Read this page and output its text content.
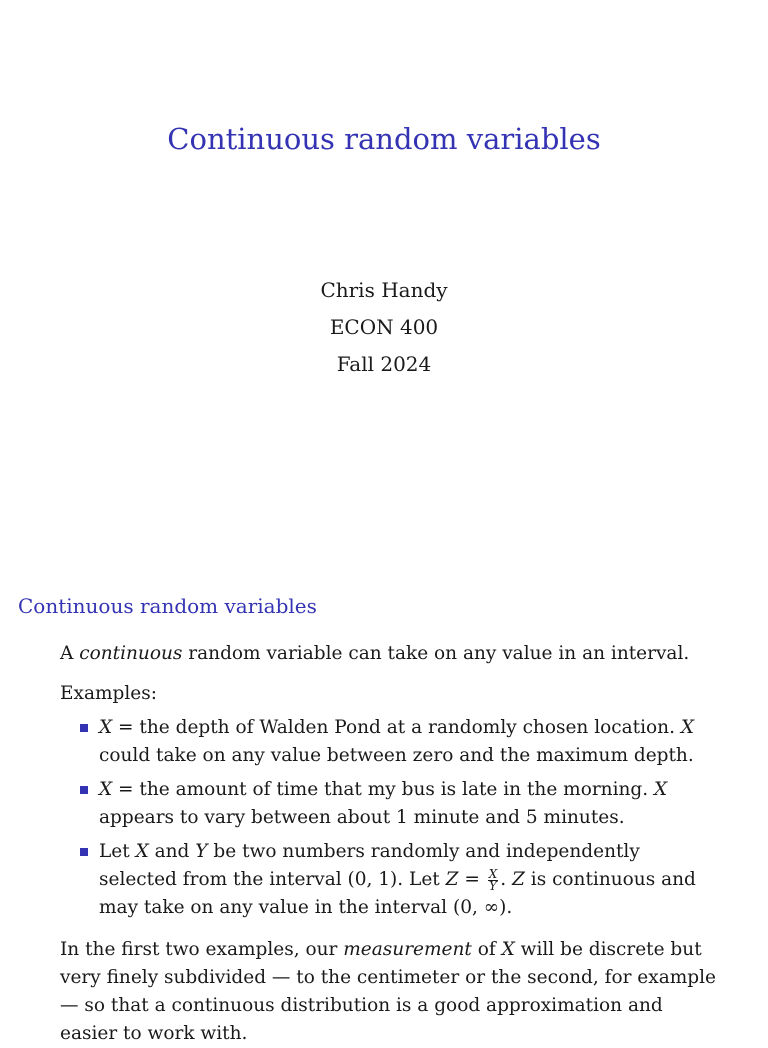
Continuous random variables
Chris Handy
ECON 400
Fall 2024
Continuous random variables

A continuous random variable can take on any value in an interval.

Examples:

X = the depth of Walden Pond at a randomly chosen location. X could take on any value between zero and the maximum depth.
X = the amount of time that my bus is late in the morning. X appears to vary between about 1 minute and 5 minutes.
Let X and Y be two numbers randomly and independently selected from the interval (0, 1). Let $Z = \frac{X}{Y}$ . Z is continuous and may take on any value in the interval (0, ∞).

In the first two examples, our measurement of X will be discrete but very finely subdivided — to the centimeter or the second, for example — so that a continuous distribution is a good approximation and easier to work with.
